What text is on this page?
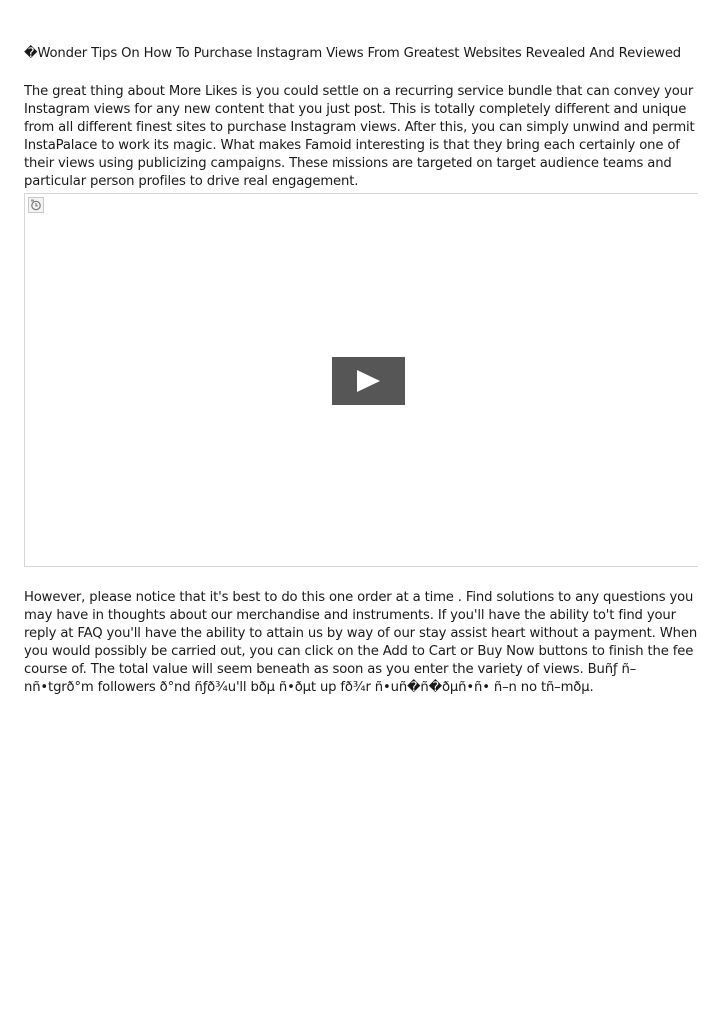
�Wonder Tips On How To Purchase Instagram Views From Greatest Websites Revealed And Reviewed

The great thing about More Likes is you could settle on a recurring service bundle that can convey your Instagram views for any new content that you just post. This is totally completely different and unique from all different finest sites to purchase Instagram views. After this, you can simply unwind and permit InstaPalace to work its magic. What makes Famoid interesting is that they bring each certainly one of their views using publicizing campaigns. These missions are targeted on target audience teams and particular person profiles to drive real engagement.

However, please notice that it's best to do this one order at a time . Find solutions to any questions you may have in thoughts about our merchandise and instruments. If you'll have the ability to't find your reply at FAQ you'll have the ability to attain us by way of our stay assist heart without a payment. When you would possibly be carried out, you can click on the Add to Cart or Buy Now buttons to finish the fee course of. The total value will seem beneath as soon as you enter the variety of views. Buñƒ ñ–nñ•tgrð°m followers ð°nd ñƒð¾u'll bðµ ñ•ðµt up fð¾r ñ•uñ�ñ�ðµñ•ñ• ñ–n no tñ–mðµ.
